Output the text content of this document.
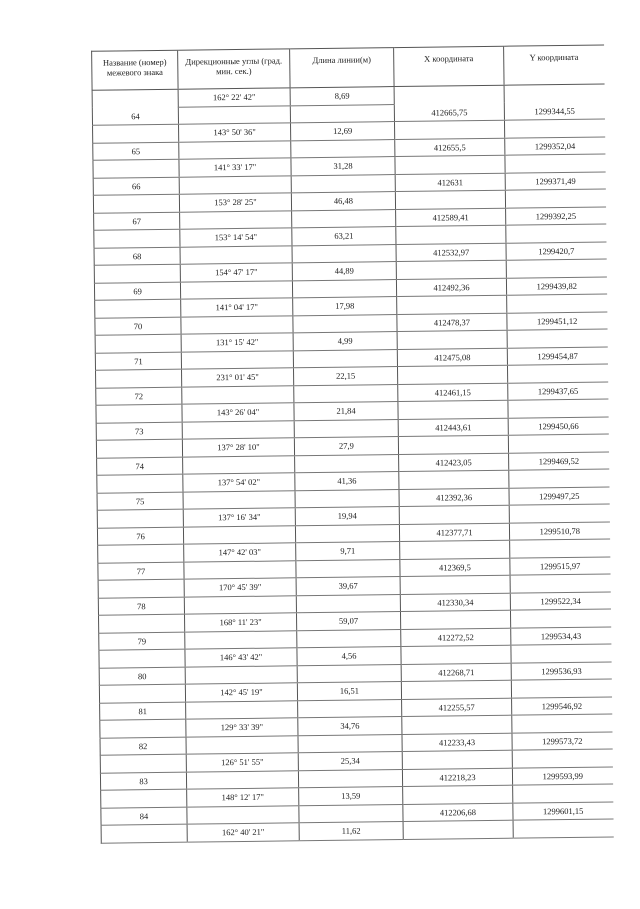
Название (номер) межевого знака	Дирекционные углы (град. мин. сек.)	Длина линии(м)	X координата	Y координата
	162° 22' 42"	8,69		
64			412665,75	1299344,55
	143° 50' 36"	12,69		
65			412655,5	1299352,04
	141° 33' 17"	31,28		
66			412631	1299371,49
	153° 28' 25"	46,48		
67			412589,41	1299392,25
	153° 14' 54"	63,21		
68			412532,97	1299420,7
	154° 47' 17"	44,89		
69			412492,36	1299439,82
	141° 04' 17"	17,98		
70			412478,37	1299451,12
	131° 15' 42"	4,99		
71			412475,08	1299454,87
	231° 01' 45"	22,15		
72			412461,15	1299437,65
	143° 26' 04"	21,84		
73			412443,61	1299450,66
	137° 28' 10"	27,9		
74			412423,05	1299469,52
	137° 54' 02"	41,36		
75			412392,36	1299497,25
	137° 16' 34"	19,94		
76			412377,71	1299510,78
	147° 42' 03"	9,71		
77			412369,5	1299515,97
	170° 45' 39"	39,67		
78			412330,34	1299522,34
	168° 11' 23"	59,07		
79			412272,52	1299534,43
	146° 43' 42"	4,56		
80			412268,71	1299536,93
	142° 45' 19"	16,51		
81			412255,57	1299546,92
	129° 33' 39"	34,76		
82			412233,43	1299573,72
	126° 51' 55"	25,34		
83			412218,23	1299593,99
	148° 12' 17"	13,59		
84			412206,68	1299601,15
	162° 40' 21"	11,62		
